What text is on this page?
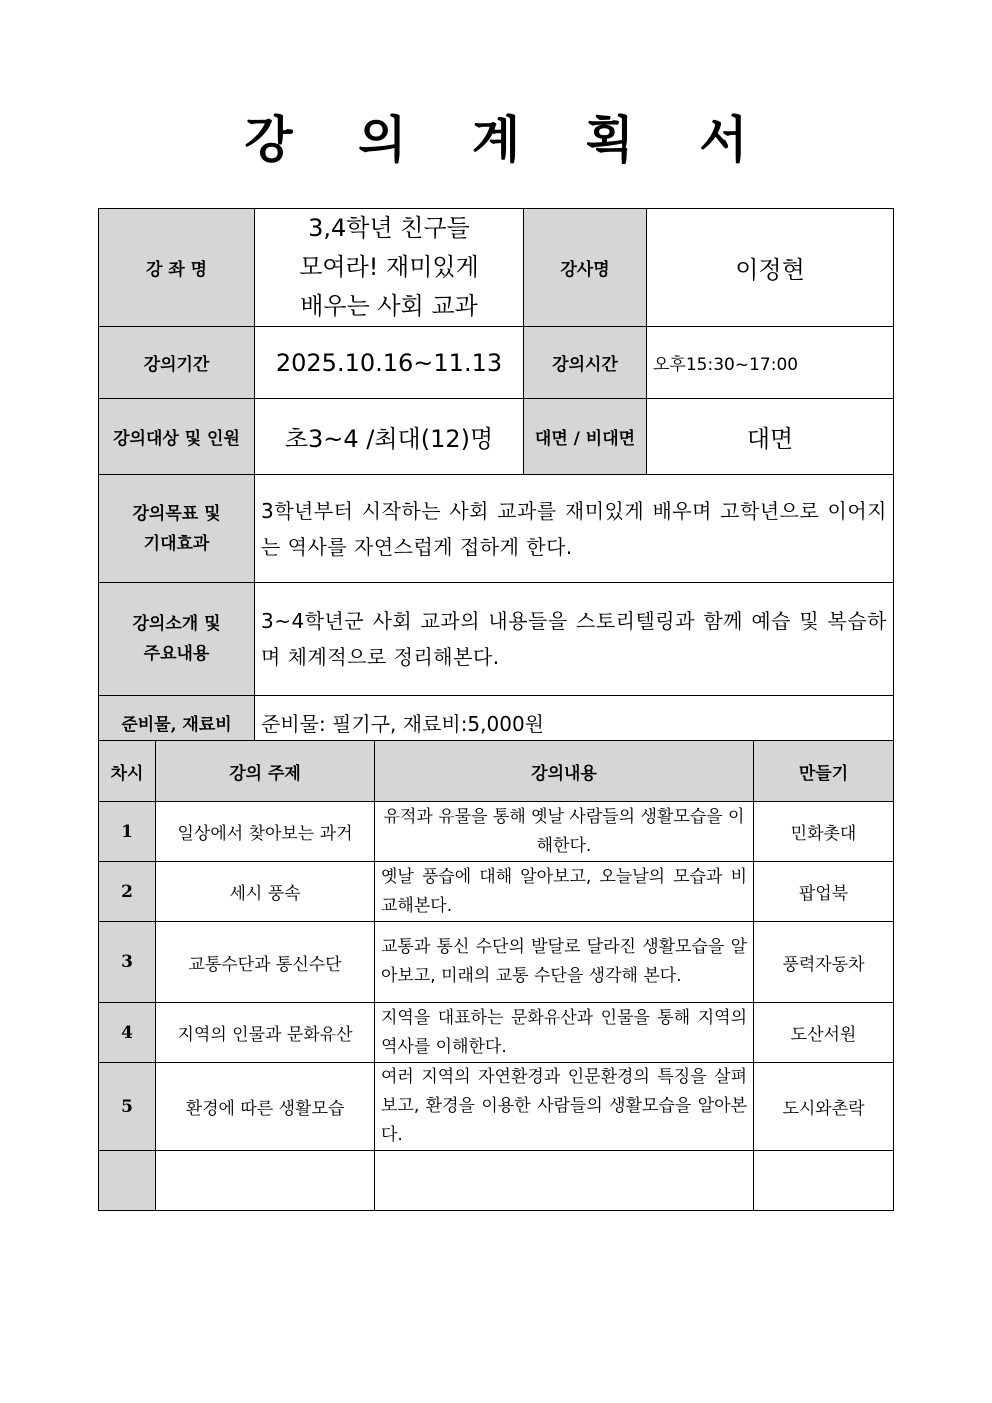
강 의 계 획 서
강 좌 명	3,4학년 친구들
모여라! 재미있게
배우는 사회 교과	강사명	이정현
강의기간	2025.10.16~11.13	강의시간	오후15:30~17:00
강의대상 및 인원	초3~4 /최대(12)명	대면 / 비대면	대면

강의목표 및
기대효과	3학년부터 시작하는 사회 교과를 재미있게 배우며 고학년으로 이어지는 역사를 자연스럽게 접하게 한다.		

강의소개 및
주요내용	3~4학년군 사회 교과의 내용들을 스토리텔링과 함께 예습 및 복습하며 체계적으로 정리해본다.		
준비물, 재료비	준비물: 필기구, 재료비:5,000원		
차시	강의 주제	강의내용	만들기
1	일상에서 찾아보는 과거	유적과 유물을 통해 옛날 사람들의 생활모습을 이해한다.	민화촛대
2	세시 풍속	옛날 풍습에 대해 알아보고, 오늘날의 모습과 비교해본다.	팝업북
3	교통수단과 통신수단	교통과 통신 수단의 발달로 달라진 생활모습을 알아보고, 미래의 교통 수단을 생각해 본다.	풍력자동차
4	지역의 인물과 문화유산	지역을 대표하는 문화유산과 인물을 통해 지역의 역사를 이해한다.	도산서원
5	환경에 따른 생활모습	여러 지역의 자연환경과 인문환경의 특징을 살펴보고, 환경을 이용한 사람들의 생활모습을 알아본다.	도시와촌락
